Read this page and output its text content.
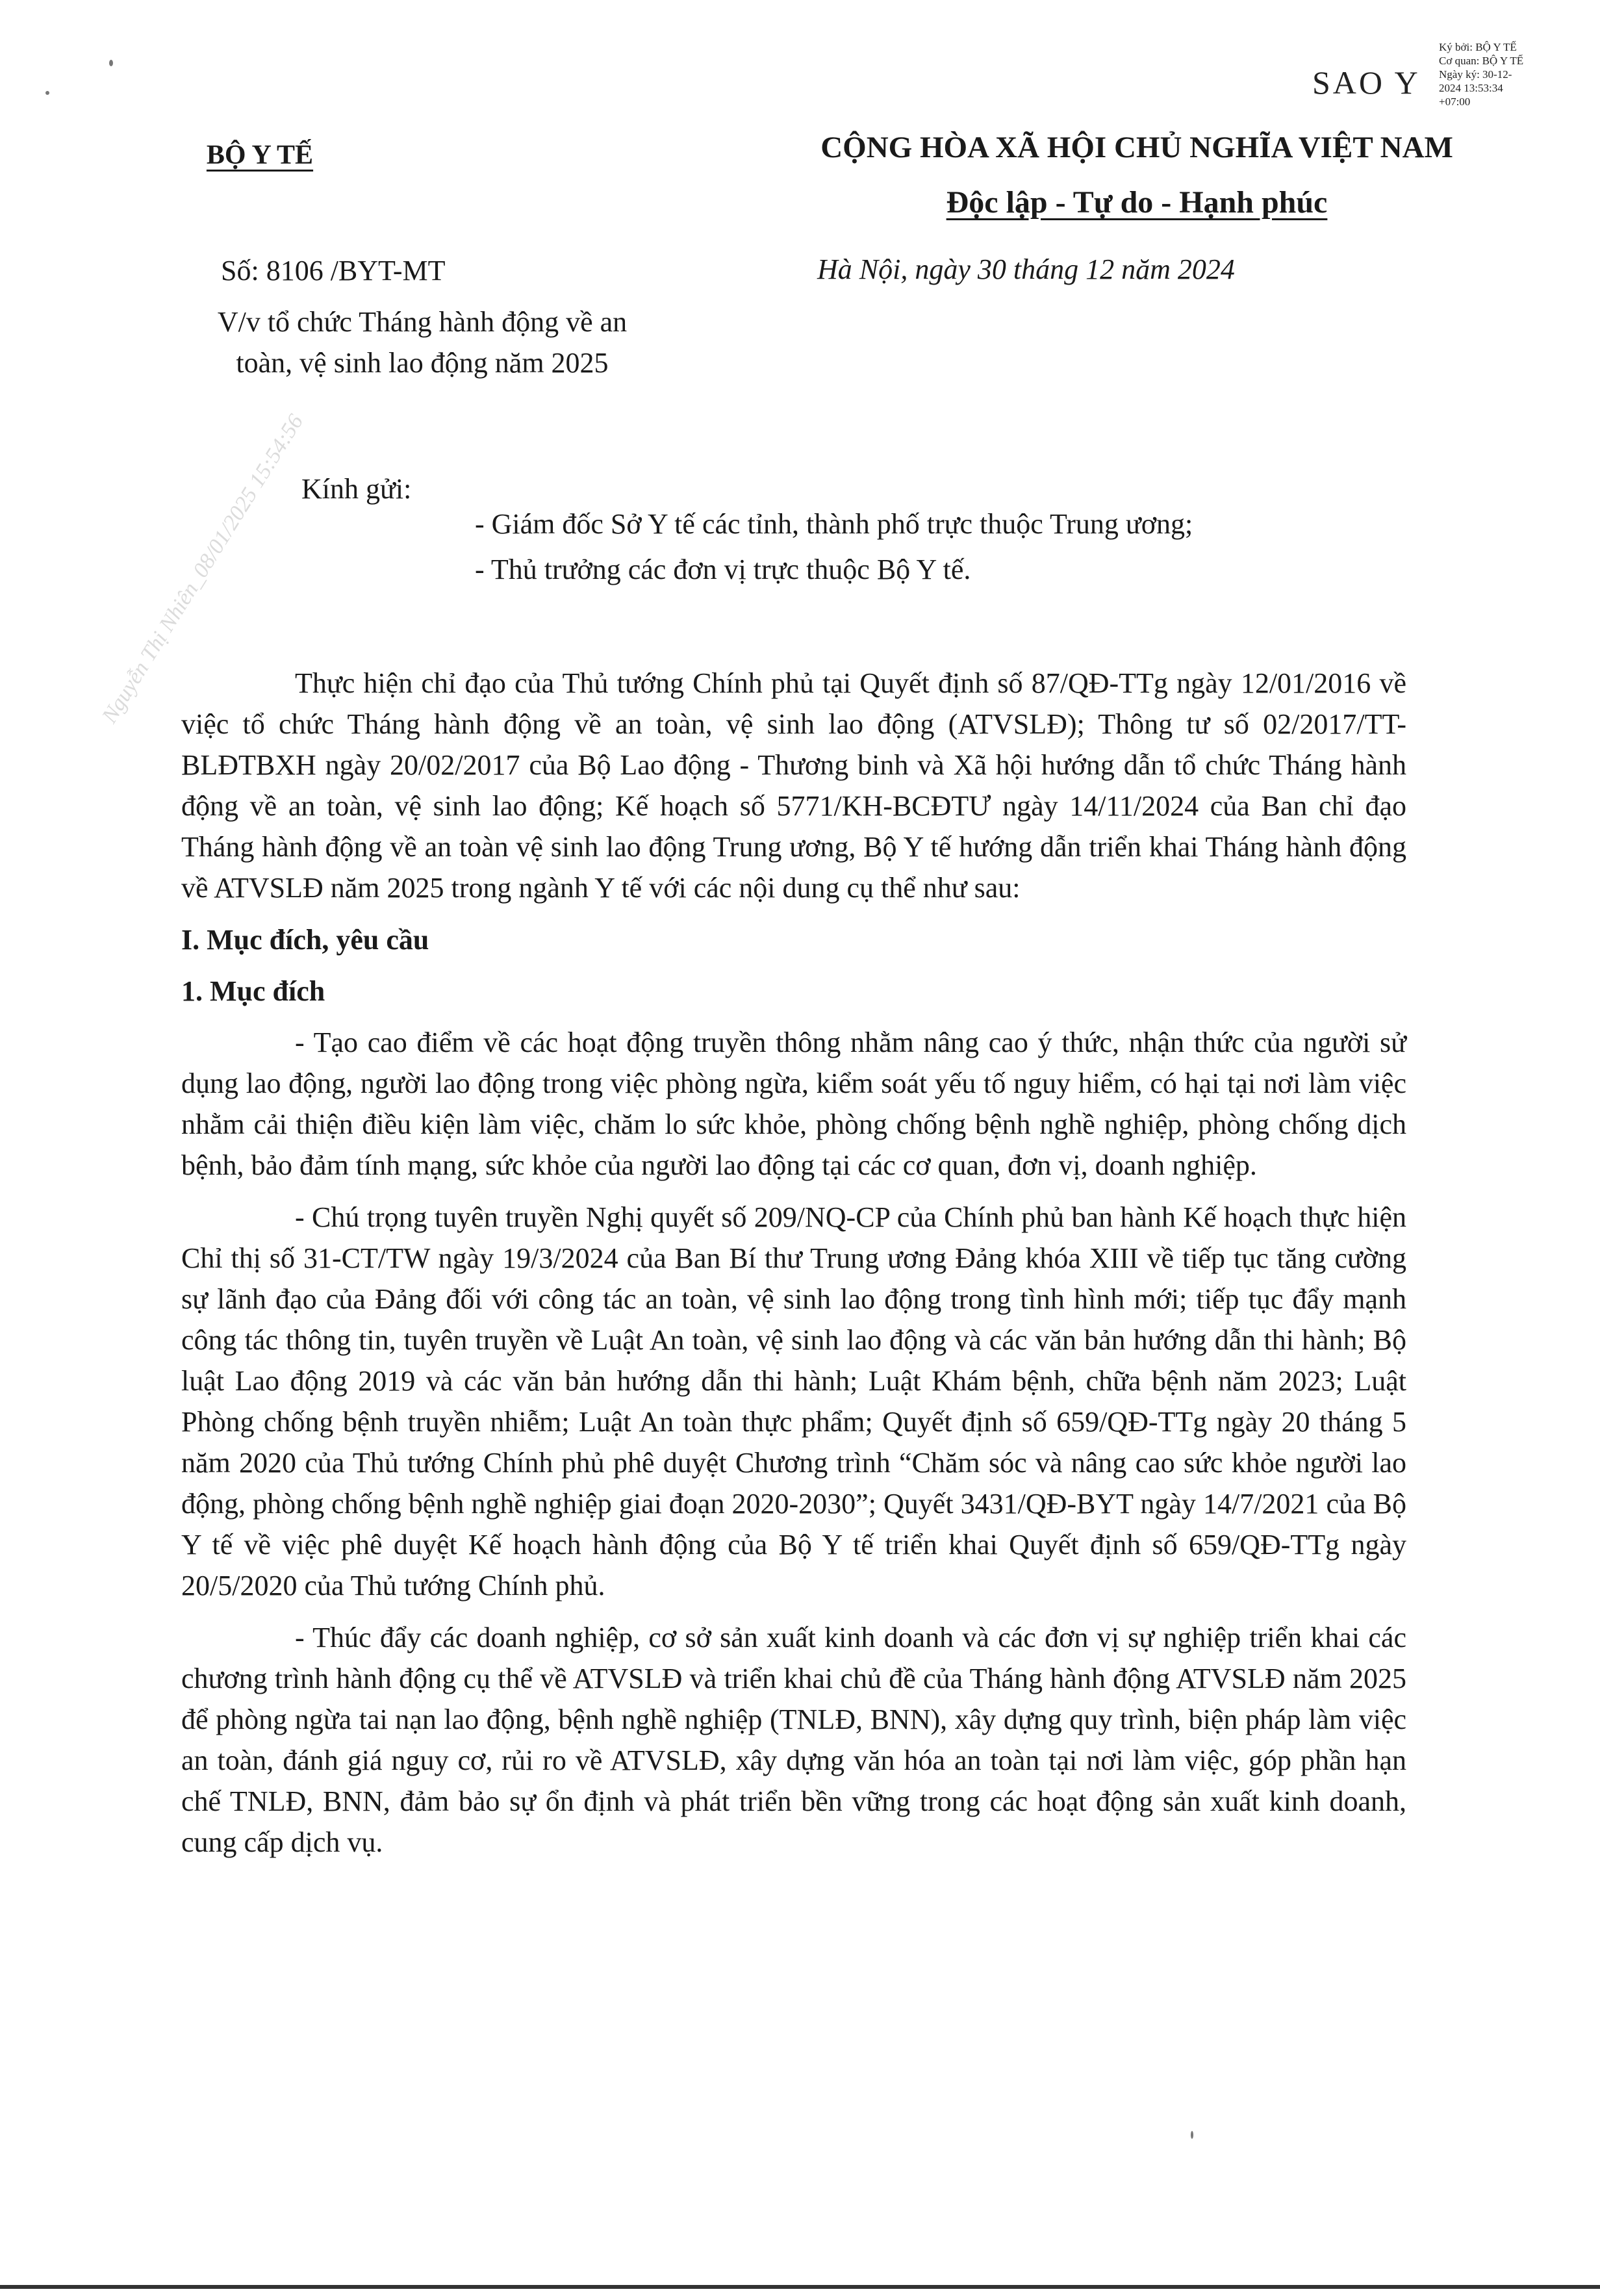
SAO Y
Ký bởi: BỘ Y TẾ
Cơ quan: BỘ Y TẾ
Ngày ký: 30-12-
2024 13:53:34
+07:00
BỘ Y TẾ	CỘNG HÒA XÃ HỘI CHỦ NGHĨA VIỆT NAM
Độc lập - Tự do - Hạnh phúc
Số: 8106 /BYT-MT	Hà Nội, ngày 30 tháng 12 năm 2024
V/v tổ chức Tháng hành động về an
toàn, vệ sinh lao động năm 2025
Nguyễn Thị Nhiên_08/01/2025 15:54:56
Kính gửi:
- Giám đốc Sở Y tế các tỉnh, thành phố trực thuộc Trung ương;
- Thủ trưởng các đơn vị trực thuộc Bộ Y tế.

Thực hiện chỉ đạo của Thủ tướng Chính phủ tại Quyết định số 87/QĐ-TTg ngày 12/01/2016 về việc tổ chức Tháng hành động về an toàn, vệ sinh lao động (ATVSLĐ); Thông tư số 02/2017/TT-BLĐTBXH ngày 20/02/2017 của Bộ Lao động - Thương binh và Xã hội hướng dẫn tổ chức Tháng hành động về an toàn, vệ sinh lao động; Kế hoạch số 5771/KH-BCĐTƯ ngày 14/11/2024 của Ban chỉ đạo Tháng hành động về an toàn vệ sinh lao động Trung ương, Bộ Y tế hướng dẫn triển khai Tháng hành động về ATVSLĐ năm 2025 trong ngành Y tế với các nội dung cụ thể như sau:

I. Mục đích, yêu cầu
1. Mục đích

- Tạo cao điểm về các hoạt động truyền thông nhằm nâng cao ý thức, nhận thức của người sử dụng lao động, người lao động trong việc phòng ngừa, kiểm soát yếu tố nguy hiểm, có hại tại nơi làm việc nhằm cải thiện điều kiện làm việc, chăm lo sức khỏe, phòng chống bệnh nghề nghiệp, phòng chống dịch bệnh, bảo đảm tính mạng, sức khỏe của người lao động tại các cơ quan, đơn vị, doanh nghiệp.

- Chú trọng tuyên truyền Nghị quyết số 209/NQ-CP của Chính phủ ban hành Kế hoạch thực hiện Chỉ thị số 31-CT/TW ngày 19/3/2024 của Ban Bí thư Trung ương Đảng khóa XIII về tiếp tục tăng cường sự lãnh đạo của Đảng đối với công tác an toàn, vệ sinh lao động trong tình hình mới; tiếp tục đẩy mạnh công tác thông tin, tuyên truyền về Luật An toàn, vệ sinh lao động và các văn bản hướng dẫn thi hành; Bộ luật Lao động 2019 và các văn bản hướng dẫn thi hành; Luật Khám bệnh, chữa bệnh năm 2023; Luật Phòng chống bệnh truyền nhiễm; Luật An toàn thực phẩm; Quyết định số 659/QĐ-TTg ngày 20 tháng 5 năm 2020 của Thủ tướng Chính phủ phê duyệt Chương trình “Chăm sóc và nâng cao sức khỏe người lao động, phòng chống bệnh nghề nghiệp giai đoạn 2020-2030”; Quyết 3431/QĐ-BYT ngày 14/7/2021 của Bộ Y tế về việc phê duyệt Kế hoạch hành động của Bộ Y tế triển khai Quyết định số 659/QĐ-TTg ngày 20/5/2020 của Thủ tướng Chính phủ.

- Thúc đẩy các doanh nghiệp, cơ sở sản xuất kinh doanh và các đơn vị sự nghiệp triển khai các chương trình hành động cụ thể về ATVSLĐ và triển khai chủ đề của Tháng hành động ATVSLĐ năm 2025 để phòng ngừa tai nạn lao động, bệnh nghề nghiệp (TNLĐ, BNN), xây dựng quy trình, biện pháp làm việc an toàn, đánh giá nguy cơ, rủi ro về ATVSLĐ, xây dựng văn hóa an toàn tại nơi làm việc, góp phần hạn chế TNLĐ, BNN, đảm bảo sự ổn định và phát triển bền vững trong các hoạt động sản xuất kinh doanh, cung cấp dịch vụ.
